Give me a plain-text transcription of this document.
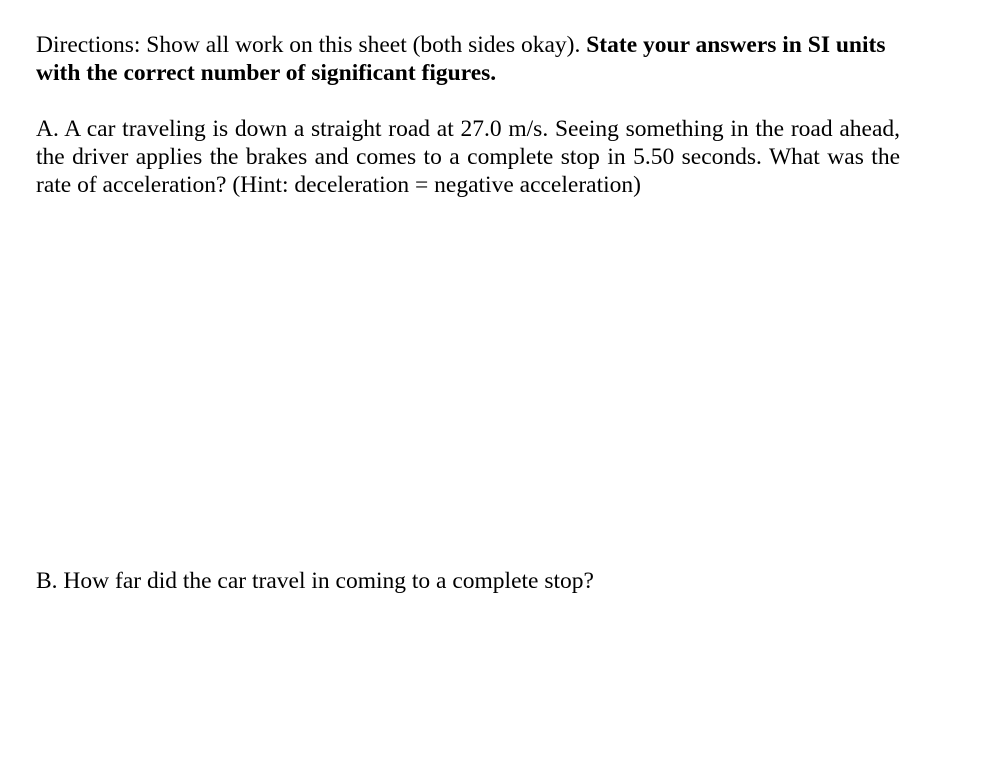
Directions: Show all work on this sheet (both sides okay). State your answers in SI units with the correct number of significant figures.

A. A car traveling is down a straight road at 27.0 m/s. Seeing something in the road ahead, the driver applies the brakes and comes to a complete stop in 5.50 seconds. What was the rate of acceleration? (Hint: deceleration = negative acceleration)

B. How far did the car travel in coming to a complete stop?
